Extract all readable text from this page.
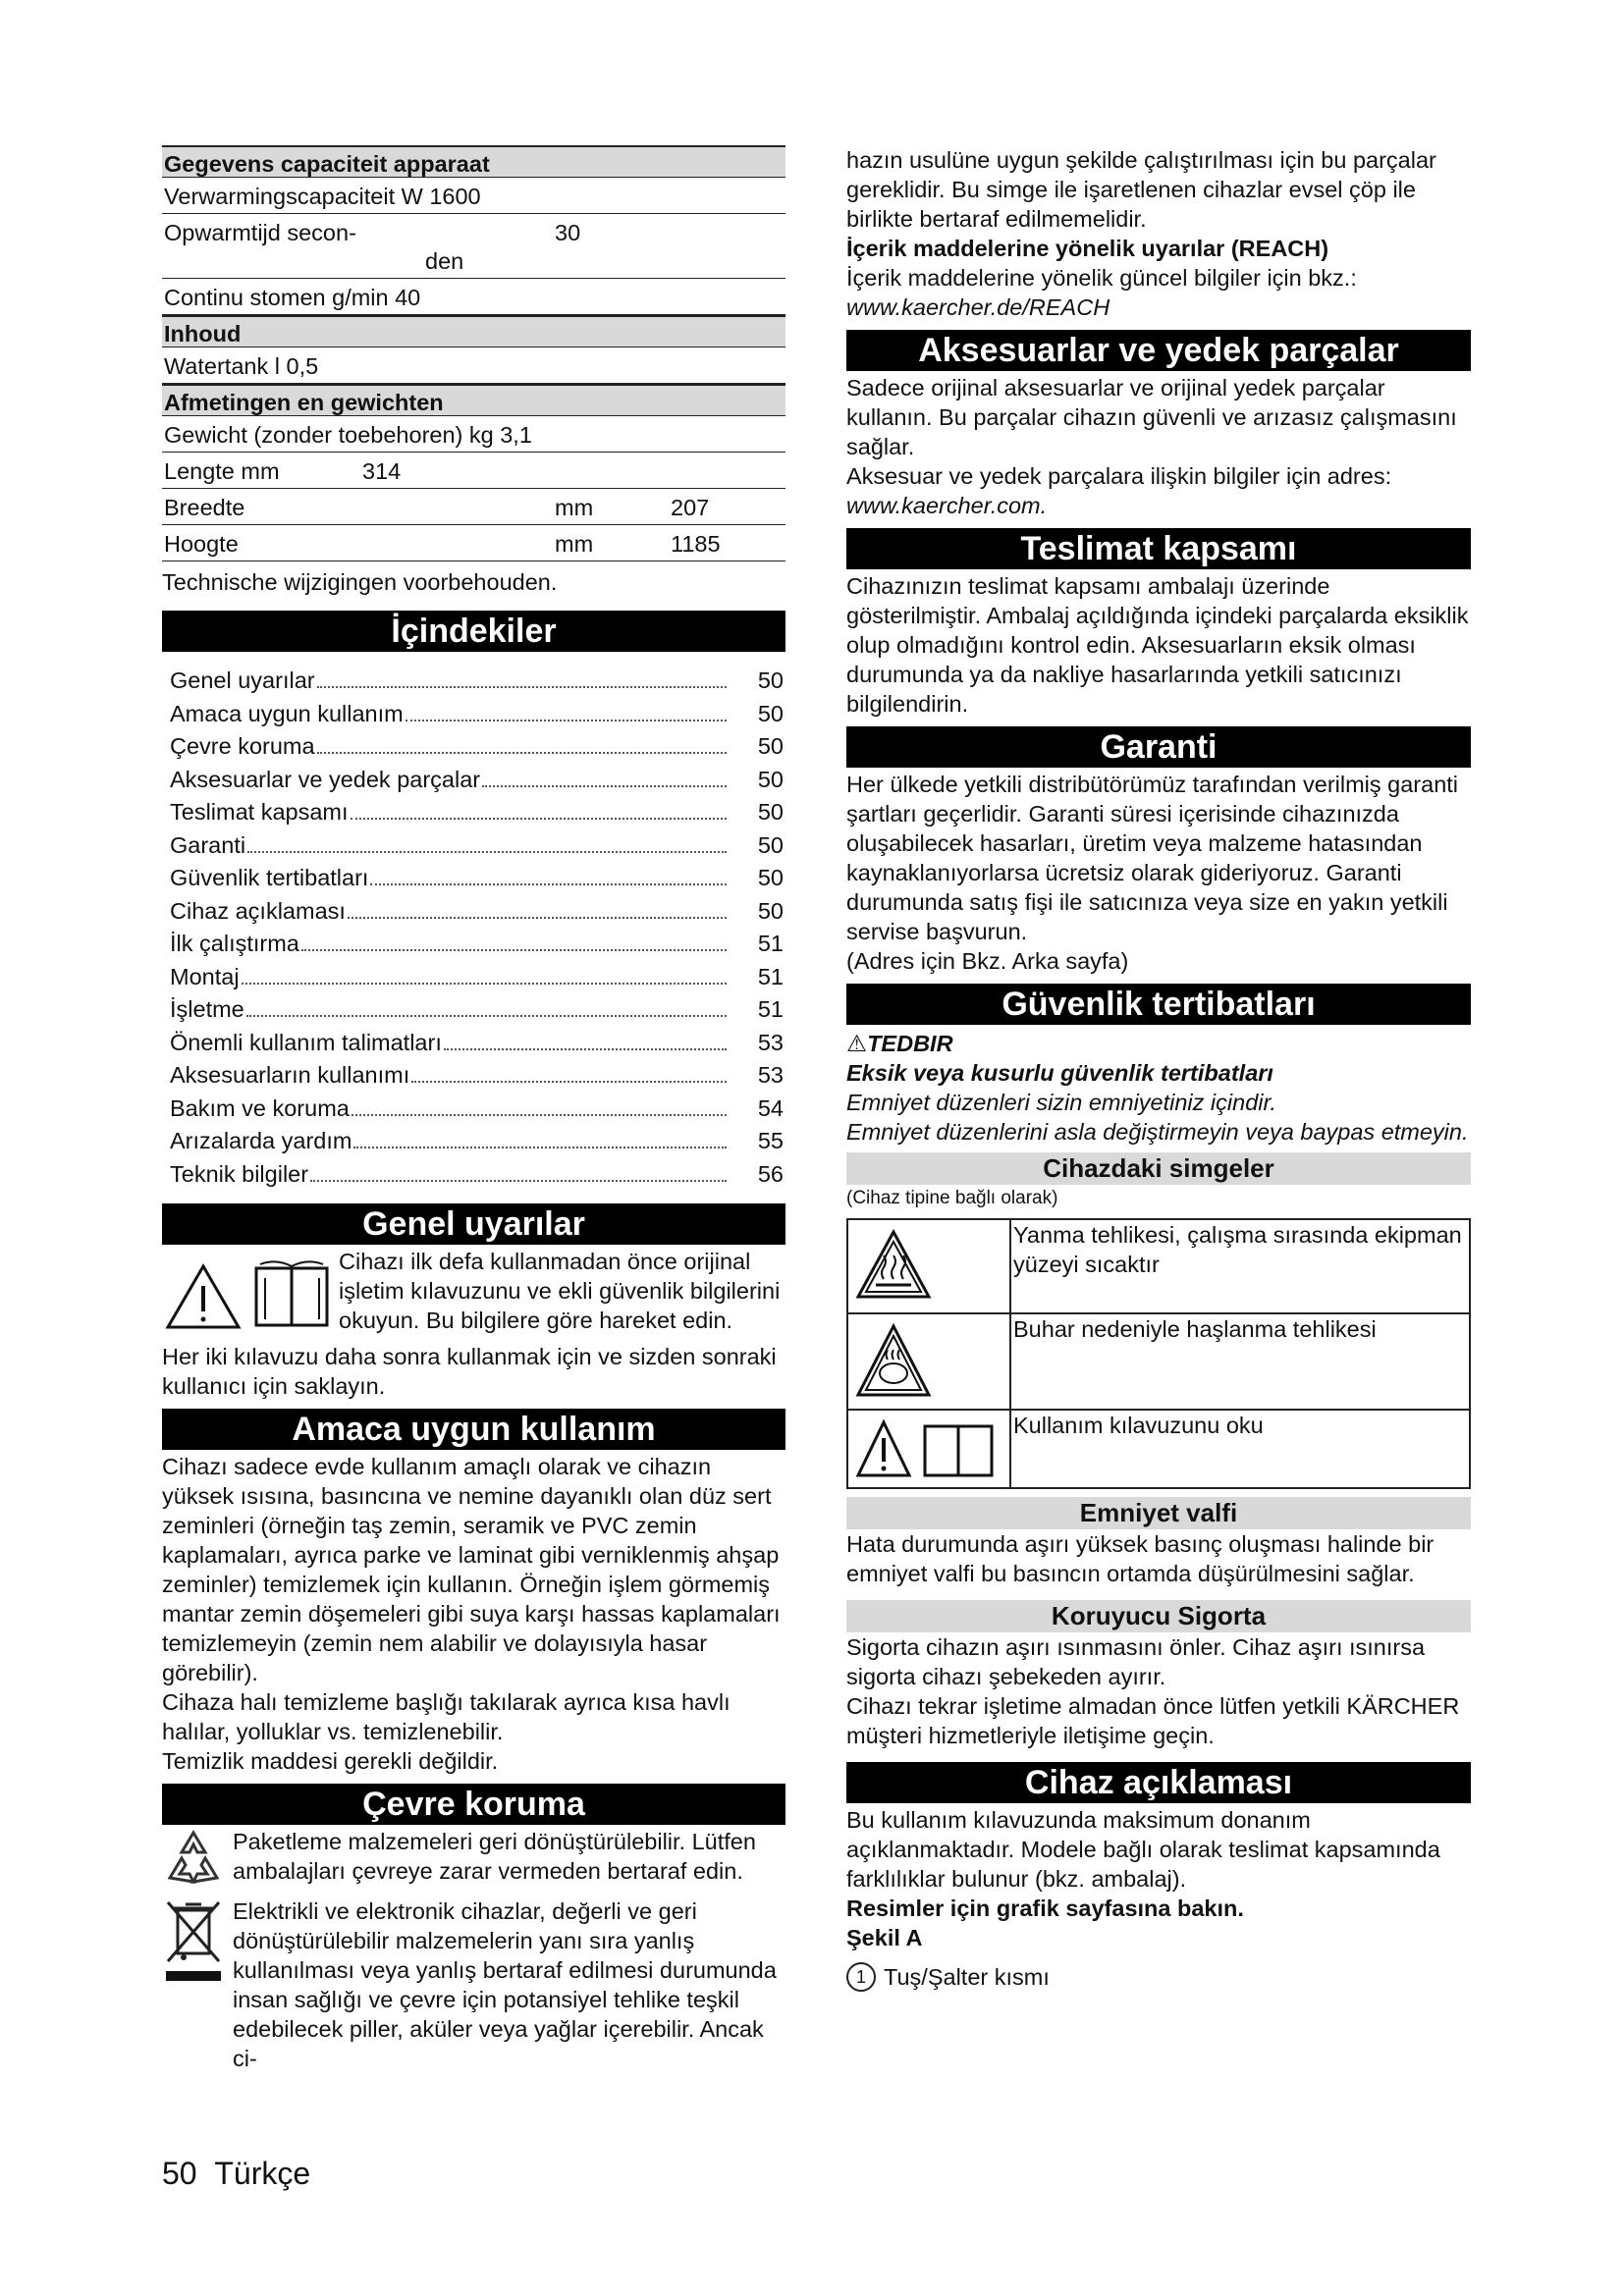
Gegevens capaciteit apparaat
Verwarmingscapaciteit W 1600
Opwarmtijd secon-	30
den
Continu stomen g/min 40
Inhoud
Watertank l 0,5
Afmetingen en gewichten
Gewicht (zonder toebehoren) kg 3,1
Lengte mm	314
Breedte	mm	207
Hoogte	mm	1185

Technische wijzigingen voorbehouden.

İçindekiler
Genel uyarılar	50
Amaca uygun kullanım	50
Çevre koruma	50
Aksesuarlar ve yedek parçalar	50
Teslimat kapsamı	50
Garanti	50
Güvenlik tertibatları	50
Cihaz açıklaması	50
İlk çalıştırma	51
Montaj	51
İşletme	51
Önemli kullanım talimatları	53
Aksesuarların kullanımı	53
Bakım ve koruma	54
Arızalarda yardım	55
Teknik bilgiler	56
Genel uyarılar

Cihazı ilk defa kullanmadan önce orijinal işletim kılavuzunu ve ekli güvenlik bilgilerini okuyun. Bu bilgilere göre hareket edin.

Her iki kılavuzu daha sonra kullanmak için ve sizden sonraki kullanıcı için saklayın.

Amaca uygun kullanım

Cihazı sadece evde kullanım amaçlı olarak ve cihazın yüksek ısısına, basıncına ve nemine dayanıklı olan düz sert zeminleri (örneğin taş zemin, seramik ve PVC zemin kaplamaları, ayrıca parke ve laminat gibi verniklenmiş ahşap zeminler) temizlemek için kullanın. Örneğin işlem görmemiş mantar zemin döşemeleri gibi suya karşı hassas kaplamaları temizlemeyin (zemin nem alabilir ve dolayısıyla hasar görebilir).

Cihaza halı temizleme başlığı takılarak ayrıca kısa havlı halılar, yolluklar vs. temizlenebilir.

Temizlik maddesi gerekli değildir.

Çevre koruma

Paketleme malzemeleri geri dönüştürülebilir. Lütfen ambalajları çevreye zarar vermeden bertaraf edin.

Elektrikli ve elektronik cihazlar, değerli ve geri dönüştürülebilir malzemelerin yanı sıra yanlış kullanılması veya yanlış bertaraf edilmesi durumunda insan sağlığı ve çevre için potansiyel tehlike teşkil edebilecek piller, aküler veya yağlar içerebilir. Ancak ci-

hazın usulüne uygun şekilde çalıştırılması için bu parçalar gereklidir. Bu simge ile işaretlenen cihazlar evsel çöp ile birlikte bertaraf edilmemelidir.

İçerik maddelerine yönelik uyarılar (REACH)

İçerik maddelerine yönelik güncel bilgiler için bkz.:

www.kaercher.de/REACH

Aksesuarlar ve yedek parçalar

Sadece orijinal aksesuarlar ve orijinal yedek parçalar kullanın. Bu parçalar cihazın güvenli ve arızasız çalışmasını sağlar.

Aksesuar ve yedek parçalara ilişkin bilgiler için adres:

www.kaercher.com.

Teslimat kapsamı

Cihazınızın teslimat kapsamı ambalajı üzerinde gösterilmiştir. Ambalaj açıldığında içindeki parçalarda eksiklik olup olmadığını kontrol edin. Aksesuarların eksik olması durumunda ya da nakliye hasarlarında yetkili satıcınızı bilgilendirin.

Garanti

Her ülkede yetkili distribütörümüz tarafından verilmiş garanti şartları geçerlidir. Garanti süresi içerisinde cihazınızda oluşabilecek hasarları, üretim veya malzeme hatasından kaynaklanıyorlarsa ücretsiz olarak gideriyoruz. Garanti durumunda satış fişi ile satıcınıza veya size en yakın yetkili servise başvurun.

(Adres için Bkz. Arka sayfa)

Güvenlik tertibatları

⚠TEDBIR

Eksik veya kusurlu güvenlik tertibatları

Emniyet düzenleri sizin emniyetiniz içindir.

Emniyet düzenlerini asla değiştirmeyin veya baypas etmeyin.

Cihazdaki simgeler

(Cihaz tipine bağlı olarak)

	Yanma tehlikesi, çalışma sırasında ekipman yüzeyi sıcaktır

	Buhar nedeniyle haşlanma tehlikesi

	Kullanım kılavuzunu oku
Emniyet valfi

Hata durumunda aşırı yüksek basınç oluşması halinde bir emniyet valfi bu basıncın ortamda düşürülmesini sağlar.

Koruyucu Sigorta

Sigorta cihazın aşırı ısınmasını önler. Cihaz aşırı ısınırsa sigorta cihazı şebekeden ayırır.

Cihazı tekrar işletime almadan önce lütfen yetkili KÄRCHER müşteri hizmetleriyle iletişime geçin.

Cihaz açıklaması

Bu kullanım kılavuzunda maksimum donanım açıklanmaktadır. Modele bağlı olarak teslimat kapsamında farklılıklar bulunur (bkz. ambalaj).

Resimler için grafik sayfasına bakın.

Şekil A

1 Tuş/Şalter kısmı

50 Türkçe
